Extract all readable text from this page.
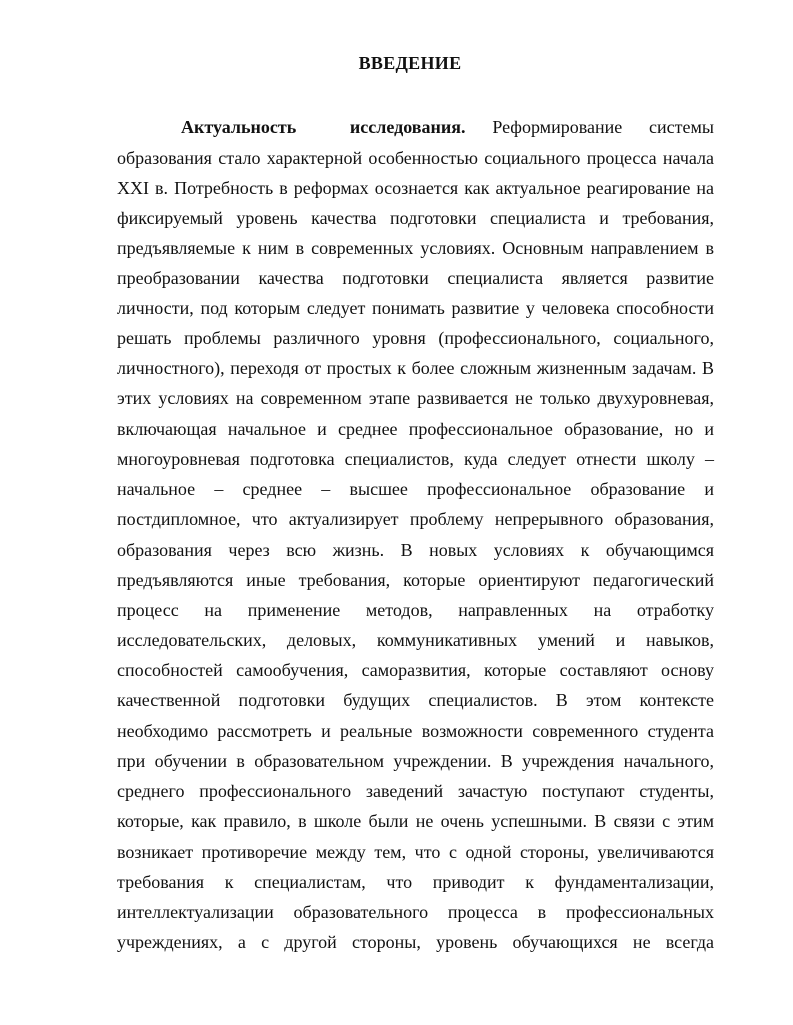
ВВЕДЕНИЕ
Актуальность	исследования. Реформирование системы
образования стало характерной особенностью социального процесса начала
XXI в. Потребность в реформах осознается как актуальное реагирование на
фиксируемый уровень качества подготовки специалиста и требования,
предъявляемые к ним в современных условиях. Основным направлением в
преобразовании качества подготовки специалиста является развитие
личности, под которым следует понимать развитие у человека способности
решать проблемы различного уровня (профессионального, социального,
личностного), переходя от простых к более сложным жизненным задачам. В
этих условиях на современном этапе развивается не только двухуровневая,
включающая начальное и среднее профессиональное образование, но и
многоуровневая подготовка специалистов, куда следует отнести школу –
начальное – среднее – высшее профессиональное образование и
постдипломное, что актуализирует проблему непрерывного образования,
образования через всю жизнь. В новых условиях к обучающимся
предъявляются иные требования, которые ориентируют педагогический
процесс на применение методов, направленных на отработку
исследовательских, деловых, коммуникативных умений и навыков,
способностей самообучения, саморазвития, которые составляют основу
качественной подготовки будущих специалистов. В этом контексте
необходимо рассмотреть и реальные возможности современного студента
при обучении в образовательном учреждении. В учреждения начального,
среднего профессионального заведений зачастую поступают студенты,
которые, как правило, в школе были не очень успешными. В связи с этим
возникает противоречие между тем, что с одной стороны, увеличиваются
требования к специалистам, что приводит к фундаментализации,
интеллектуализации образовательного процесса в профессиональных
учреждениях, а с другой стороны, уровень обучающихся не всегда
